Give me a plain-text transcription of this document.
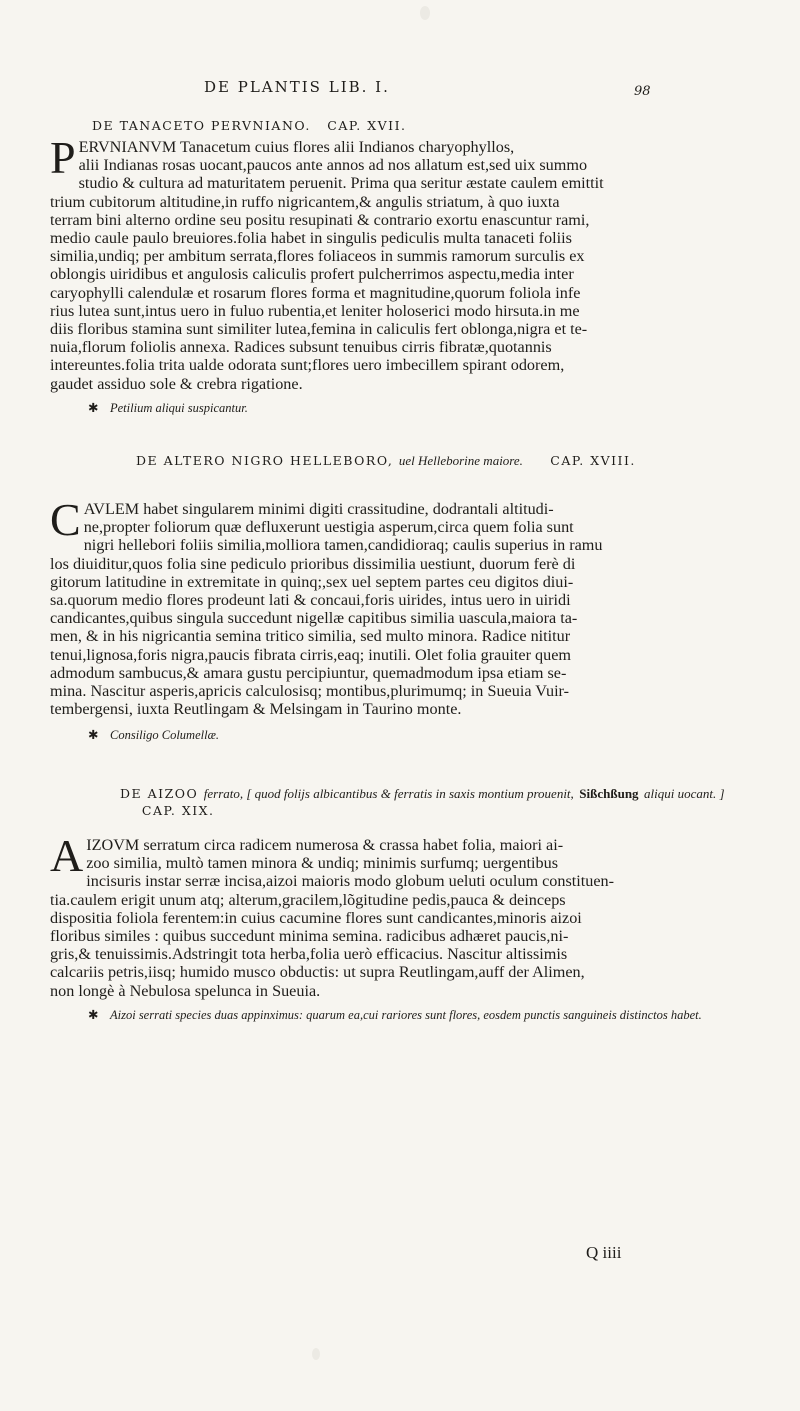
DE PLANTIS LIB. I.	98
DE TANACETO PERVNIANO. CAP. XVII.
P ERVNIANVM Tanacetum cuius flores alii Indianos charyophyllos,
alii Indianas rosas uocant,paucos ante annos ad nos allatum est,sed uix summo
studio & cultura ad maturitatem peruenit. Prima qua seritur æstate caulem emittit
trium cubitorum altitudine,in ruffo nigricantem,& angulis striatum, à quo iuxta
terram bini alterno ordine seu positu resupinati & contrario exortu enascuntur rami,
medio caule paulo breuiores.folia habet in singulis pediculis multa tanaceti foliis
similia,undiq; per ambitum serrata,flores foliaceos in summis ramorum surculis ex
oblongis uiridibus et angulosis caliculis profert pulcherrimos aspectu,media inter
caryophylli calendulæ et rosarum flores forma et magnitudine,quorum foliola infe
rius lutea sunt,intus uero in fuluo rubentia,et leniter holoserici modo hirsuta.in me
diis floribus stamina sunt similiter lutea,femina in caliculis fert oblonga,nigra et te-
nuia,florum foliolis annexa. Radices subsunt tenuibus cirris fibratæ,quotannis
intereuntes.folia trita ualde odorata sunt;flores uero imbecillem spirant odorem,
gaudet assiduo sole & crebra rigatione.
✱ Petilium aliqui suspicantur.
DE ALTERO NIGRO HELLEBORO, uel Helleborine maiore. CAP. XVIII.
C AVLEM habet singularem minimi digiti crassitudine, dodrantali altitudi-
ne,propter foliorum quæ defluxerunt uestigia asperum,circa quem folia sunt
nigri hellebori foliis similia,molliora tamen,candidioraq; caulis superius in ramu
los diuiditur,quos folia sine pediculo prioribus dissimilia uestiunt, duorum ferè di
gitorum latitudine in extremitate in quinq;,sex uel septem partes ceu digitos diui-
sa.quorum medio flores prodeunt lati & concaui,foris uirides, intus uero in uiridi
candicantes,quibus singula succedunt nigellæ capitibus similia uascula,maiora ta-
men, & in his nigricantia semina tritico similia, sed multo minora. Radice nititur
tenui,lignosa,foris nigra,paucis fibrata cirris,eaq; inutili. Olet folia grauiter quem
admodum sambucus,& amara gustu percipiuntur, quemadmodum ipsa etiam se-
mina. Nascitur asperis,apricis calculosisq; montibus,plurimumq; in Sueuia Vuir-
tembergensi, iuxta Reutlingam & Melsingam in Taurino monte.
✱ Consiligo Columellæ.
DE AIZOO ferrato, [ quod folijs albicantibus & ferratis in saxis montium prouenit, Sißchßung aliqui uocant. ]     CAP. XIX.
A IZOVM serratum circa radicem numerosa & crassa habet folia, maiori ai-
zoo similia, multò tamen minora & undiq; minimis surfumq; uergentibus
incisuris instar serræ incisa,aizoi maioris modo globum ueluti oculum constituen-
tia.caulem erigit unum atq; alterum,gracilem,lõgitudine pedis,pauca & deinceps
dispositia foliola ferentem:in cuius cacumine flores sunt candicantes,minoris aizoi
floribus similes : quibus succedunt minima semina. radicibus adhæret paucis,ni-
gris,& tenuissimis.Adstringit tota herba,folia uerò efficacius. Nascitur altissimis
calcariis petris,iisq; humido musco obductis: ut supra Reutlingam,auff der Alimen,
non longè à Nebulosa spelunca in Sueuia.
✱ Aizoi serrati species duas appinximus: quarum ea,cui rariores sunt flores, eosdem punctis sanguineis distinctos habet.
Q iiii
